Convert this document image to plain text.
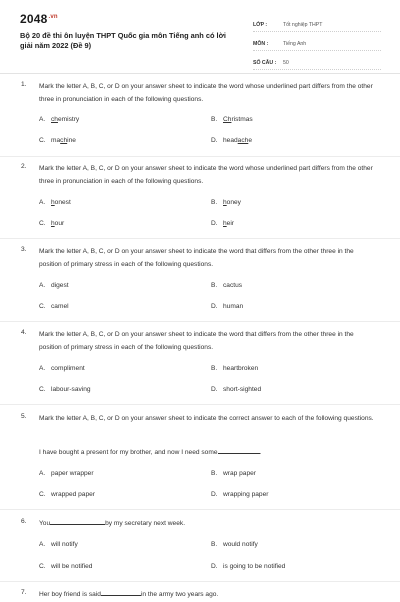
$2048^{.vn}$
Bộ 20 đề thi ôn luyện THPT Quốc gia môn Tiếng anh có lời giải năm 2022 (Đề 9)
LỚP :	Tốt nghiệp THPT
MÔN :	Tiếng Anh
SỐ CÂU :	50
1. Mark the letter A, B, C, or D on your answer sheet to indicate the word whose underlined part differs from the other three in pronunciation in each of the following questions.
A. chemistry	B. Christmas
C. machine	D. headache
2. Mark the letter A, B, C, or D on your answer sheet to indicate the word whose underlined part differs from the other three in pronunciation in each of the following questions.
A. honest	B. honey
C. hour	D. heir
3. Mark the letter A, B, C, or D on your answer sheet to indicate the word that differs from the other three in the position of primary stress in each of the following questions.
A. digest	B. cactus
C. camel	D. human
4. Mark the letter A, B, C, or D on your answer sheet to indicate the word that differs from the other three in the position of primary stress in each of the following questions.
A. compliment	B. heartbroken
C. labour-saving	D. short-sighted
5. Mark the letter A, B, C, or D on your answer sheet to indicate the correct answer to each of the following questions.
I have bought a present for my brother, and now I need some	.
A. paper wrapper	B. wrap paper
C. wrapped paper	D. wrapping paper
6. You	by my secretary next week.
A. will notify	B. would notify
C. will be notified	D. is going to be notified
7. Her boy friend is said	in the army two years ago.
